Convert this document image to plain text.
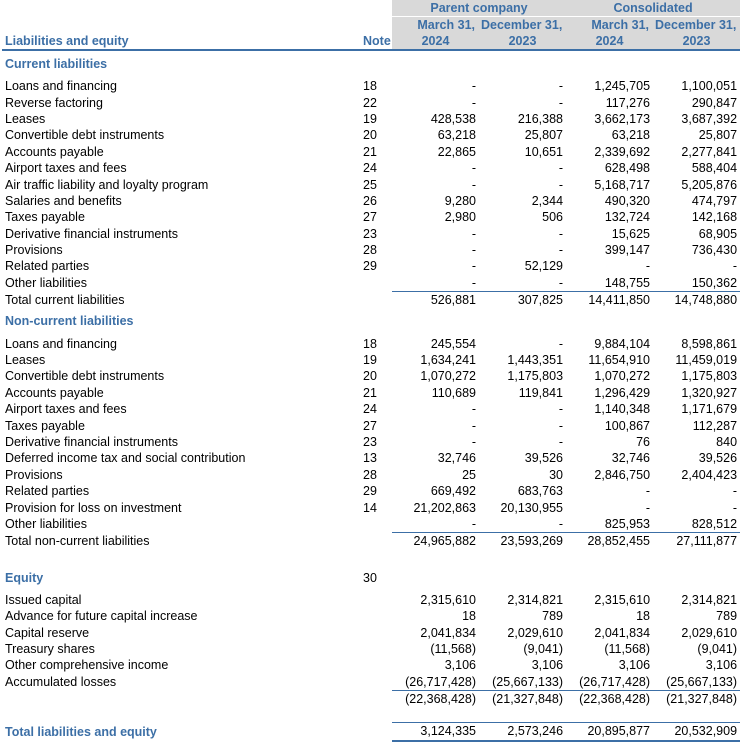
		Parent company		Consolidated	
		March 31,	December 31,	March 31,	December 31,
Liabilities and equity	Note	2024	2023	2024	2023
Current liabilities					
Loans and financing	18	-	-	1,245,705	1,100,051
Reverse factoring	22	-	-	117,276	290,847
Leases	19	428,538	216,388	3,662,173	3,687,392
Convertible debt instruments	20	63,218	25,807	63,218	25,807
Accounts payable	21	22,865	10,651	2,339,692	2,277,841
Airport taxes and fees	24	-	-	628,498	588,404
Air traffic liability and loyalty program	25	-	-	5,168,717	5,205,876
Salaries and benefits	26	9,280	2,344	490,320	474,797
Taxes payable	27	2,980	506	132,724	142,168
Derivative financial instruments	23	-	-	15,625	68,905
Provisions	28	-	-	399,147	736,430
Related parties	29	-	52,129	-	-
Other liabilities		-	-	148,755	150,362
Total current liabilities		526,881	307,825	14,411,850	14,748,880
Non-current liabilities					
Loans and financing	18	245,554	-	9,884,104	8,598,861
Leases	19	1,634,241	1,443,351	11,654,910	11,459,019
Convertible debt instruments	20	1,070,272	1,175,803	1,070,272	1,175,803
Accounts payable	21	110,689	119,841	1,296,429	1,320,927
Airport taxes and fees	24	-	-	1,140,348	1,171,679
Taxes payable	27	-	-	100,867	112,287
Derivative financial instruments	23	-	-	76	840
Deferred income tax and social contribution	13	32,746	39,526	32,746	39,526
Provisions	28	25	30	2,846,750	2,404,423
Related parties	29	669,492	683,763	-	-
Provision for loss on investment	14	21,202,863	20,130,955	-	-
Other liabilities		-	-	825,953	828,512
Total non-current liabilities		24,965,882	23,593,269	28,852,455	27,111,877

Equity	30				
Issued capital		2,315,610	2,314,821	2,315,610	2,314,821
Advance for future capital increase		18	789	18	789
Capital reserve		2,041,834	2,029,610	2,041,834	2,029,610
Treasury shares		(11,568)	(9,041)	(11,568)	(9,041)
Other comprehensive income		3,106	3,106	3,106	3,106
Accumulated losses		(26,717,428)	(25,667,133)	(26,717,428)	(25,667,133)
		(22,368,428)	(21,327,848)	(22,368,428)	(21,327,848)

Total liabilities and equity		3,124,335	2,573,246	20,895,877	20,532,909
